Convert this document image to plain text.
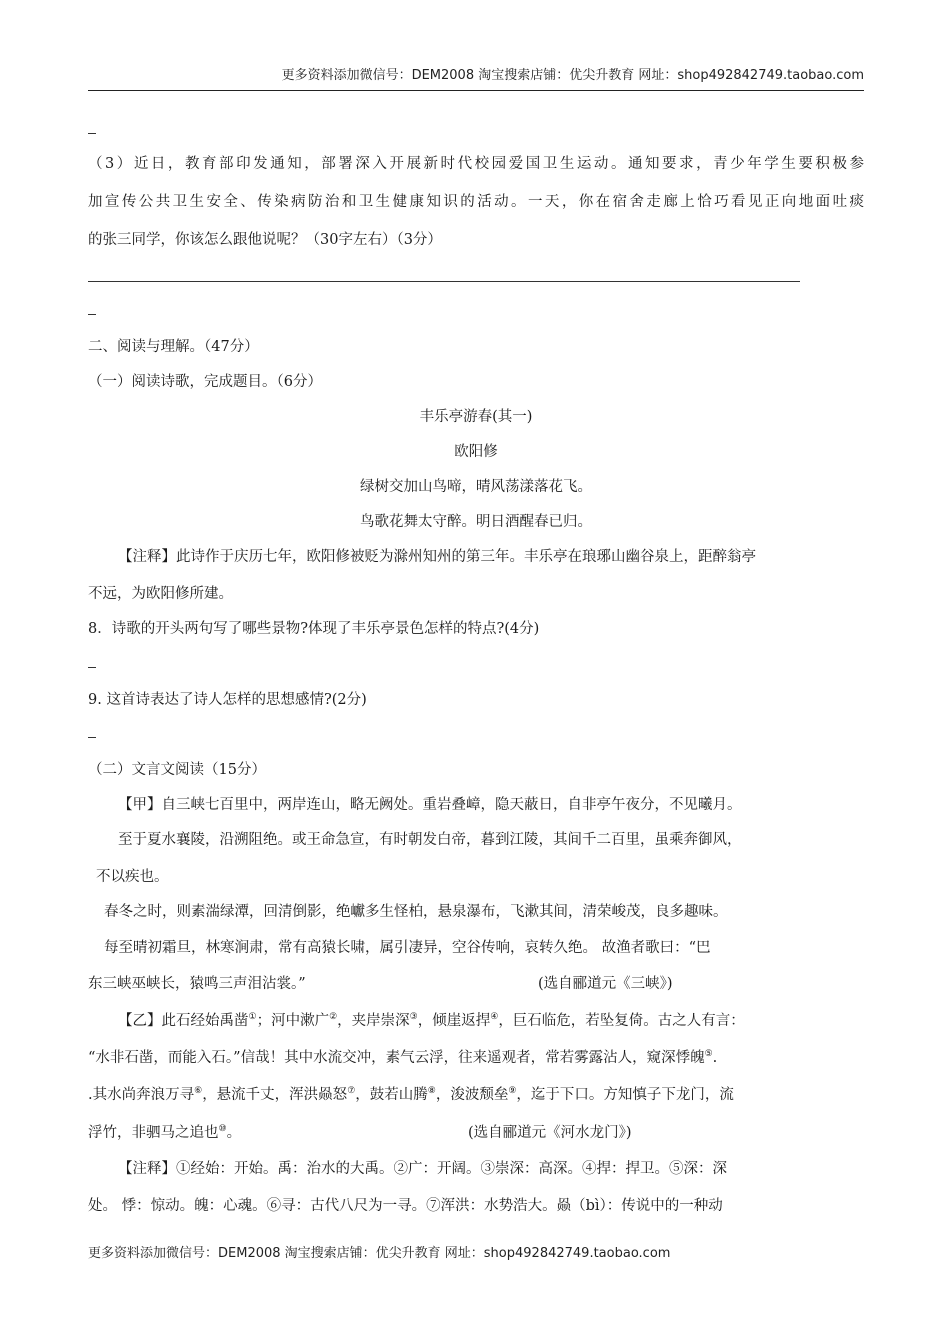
更多资料添加微信号：DEM2008 淘宝搜索店铺：优尖升教育 网址：shop492842749.taobao.com
（3）近日，教育部印发通知，部署深入开展新时代校园爱国卫生运动。通知要求，青少年学生要积极参
加宣传公共卫生安全、传染病防治和卫生健康知识的活动。一天，你在宿舍走廊上恰巧看见正向地面吐痰
的张三同学，你该怎么跟他说呢？（30字左右）（3分）
二、阅读与理解。（47分）
（一）阅读诗歌，完成题目。（6分）
丰乐亭游春(其一)
欧阳修
绿树交加山鸟啼，晴风荡漾落花飞。
鸟歌花舞太守醉。明日酒醒春已归。
【注释】此诗作于庆历七年，欧阳修被贬为滁州知州的第三年。丰乐亭在琅琊山幽谷泉上，距醉翁亭
不远，为欧阳修所建。
8．诗歌的开头两句写了哪些景物?体现了丰乐亭景色怎样的特点?(4分)
9. 这首诗表达了诗人怎样的思想感情?(2分)
（二）文言文阅读（15分）
【甲】自三峡七百里中，两岸连山，略无阙处。重岩叠嶂，隐天蔽日，自非亭午夜分，不见曦月。
至于夏水襄陵，沿溯阻绝。或王命急宣，有时朝发白帝，暮到江陵，其间千二百里，虽乘奔御风，
不以疾也。
春冬之时，则素湍绿潭，回清倒影，绝巘多生怪柏，悬泉瀑布，飞漱其间，清荣峻茂，良多趣味。
每至晴初霜旦，林寒涧肃，常有高猿长啸，属引凄异，空谷传响，哀转久绝。 故渔者歌曰：“巴
东三峡巫峡长，猿鸣三声泪沾裳。”	(选自郦道元《三峡》)
【乙】此石经始禹凿①；河中漱广②，夹岸崇深③，倾崖返捍④，巨石临危，若坠复倚。古之人有言：
“水非石凿，而能入石。”信哉！其中水流交冲，素气云浮，往来遥观者，常若雾露沾人，窥深悸魄⑤.
.其水尚奔浪万寻⑥，悬流千丈，浑洪赑怒⑦，鼓若山腾⑧，浚波颓垒⑨，迄于下口。方知慎子下龙门，流
浮竹，非驷马之追也⑩。	(选自郦道元《河水龙门》)
【注释】①经始：开始。禹：治水的大禹。②广：开阔。③崇深：高深。④捍：捍卫。⑤深：深
处。 悸：惊动。魄：心魂。⑥寻：古代八尺为一寻。⑦浑洪：水势浩大。赑（bì）：传说中的一种动
更多资料添加微信号：DEM2008 淘宝搜索店铺：优尖升教育 网址：shop492842749.taobao.com
